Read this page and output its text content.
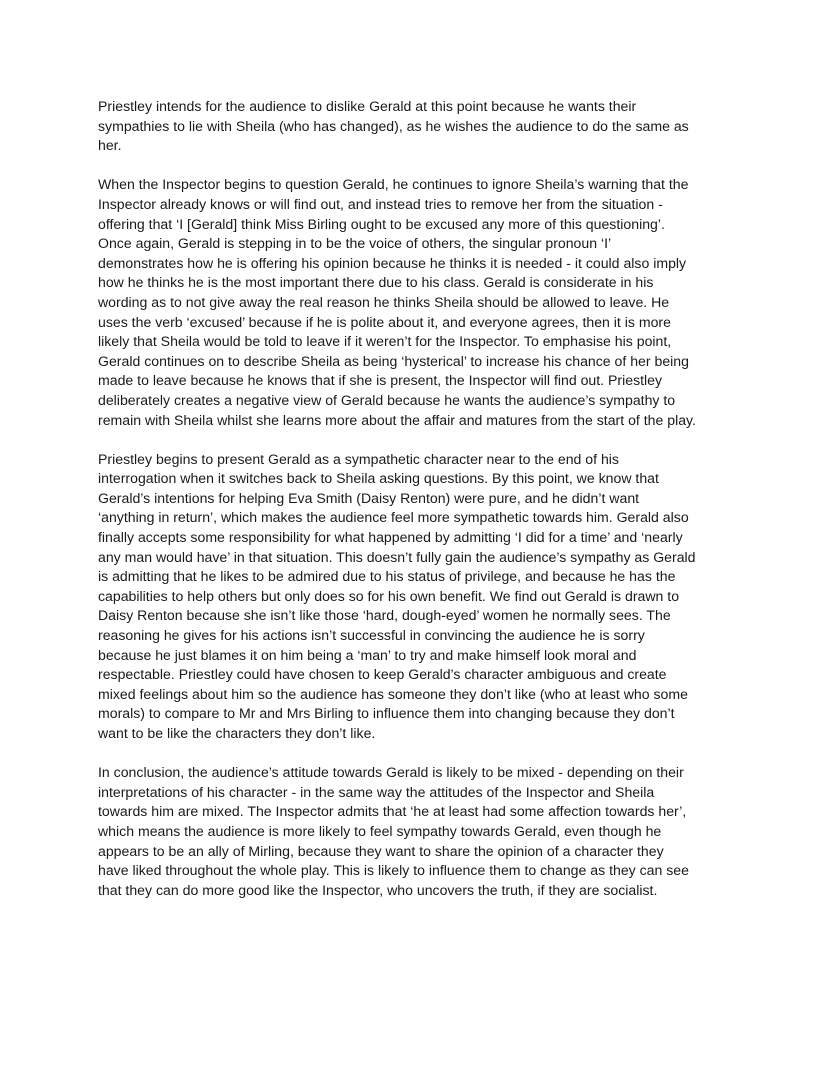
Priestley intends for the audience to dislike Gerald at this point because he wants their
sympathies to lie with Sheila (who has changed), as he wishes the audience to do the same as
her.

When the Inspector begins to question Gerald, he continues to ignore Sheila’s warning that the
Inspector already knows or will find out, and instead tries to remove her from the situation -
offering that ‘I [Gerald] think Miss Birling ought to be excused any more of this questioning’.
Once again, Gerald is stepping in to be the voice of others, the singular pronoun ‘I’
demonstrates how he is offering his opinion because he thinks it is needed - it could also imply
how he thinks he is the most important there due to his class. Gerald is considerate in his
wording as to not give away the real reason he thinks Sheila should be allowed to leave. He
uses the verb ‘excused’ because if he is polite about it, and everyone agrees, then it is more
likely that Sheila would be told to leave if it weren’t for the Inspector. To emphasise his point,
Gerald continues on to describe Sheila as being ‘hysterical’ to increase his chance of her being
made to leave because he knows that if she is present, the Inspector will find out. Priestley
deliberately creates a negative view of Gerald because he wants the audience’s sympathy to
remain with Sheila whilst she learns more about the affair and matures from the start of the play.

Priestley begins to present Gerald as a sympathetic character near to the end of his
interrogation when it switches back to Sheila asking questions. By this point, we know that
Gerald’s intentions for helping Eva Smith (Daisy Renton) were pure, and he didn’t want
‘anything in return’, which makes the audience feel more sympathetic towards him. Gerald also
finally accepts some responsibility for what happened by admitting ‘I did for a time’ and ‘nearly
any man would have’ in that situation. This doesn’t fully gain the audience’s sympathy as Gerald
is admitting that he likes to be admired due to his status of privilege, and because he has the
capabilities to help others but only does so for his own benefit. We find out Gerald is drawn to
Daisy Renton because she isn’t like those ‘hard, dough-eyed’ women he normally sees. The
reasoning he gives for his actions isn’t successful in convincing the audience he is sorry
because he just blames it on him being a ‘man’ to try and make himself look moral and
respectable. Priestley could have chosen to keep Gerald’s character ambiguous and create
mixed feelings about him so the audience has someone they don’t like (who at least who some
morals) to compare to Mr and Mrs Birling to influence them into changing because they don’t
want to be like the characters they don’t like.

In conclusion, the audience’s attitude towards Gerald is likely to be mixed - depending on their
interpretations of his character - in the same way the attitudes of the Inspector and Sheila
towards him are mixed. The Inspector admits that ‘he at least had some affection towards her’,
which means the audience is more likely to feel sympathy towards Gerald, even though he
appears to be an ally of Mirling, because they want to share the opinion of a character they
have liked throughout the whole play. This is likely to influence them to change as they can see
that they can do more good like the Inspector, who uncovers the truth, if they are socialist.
